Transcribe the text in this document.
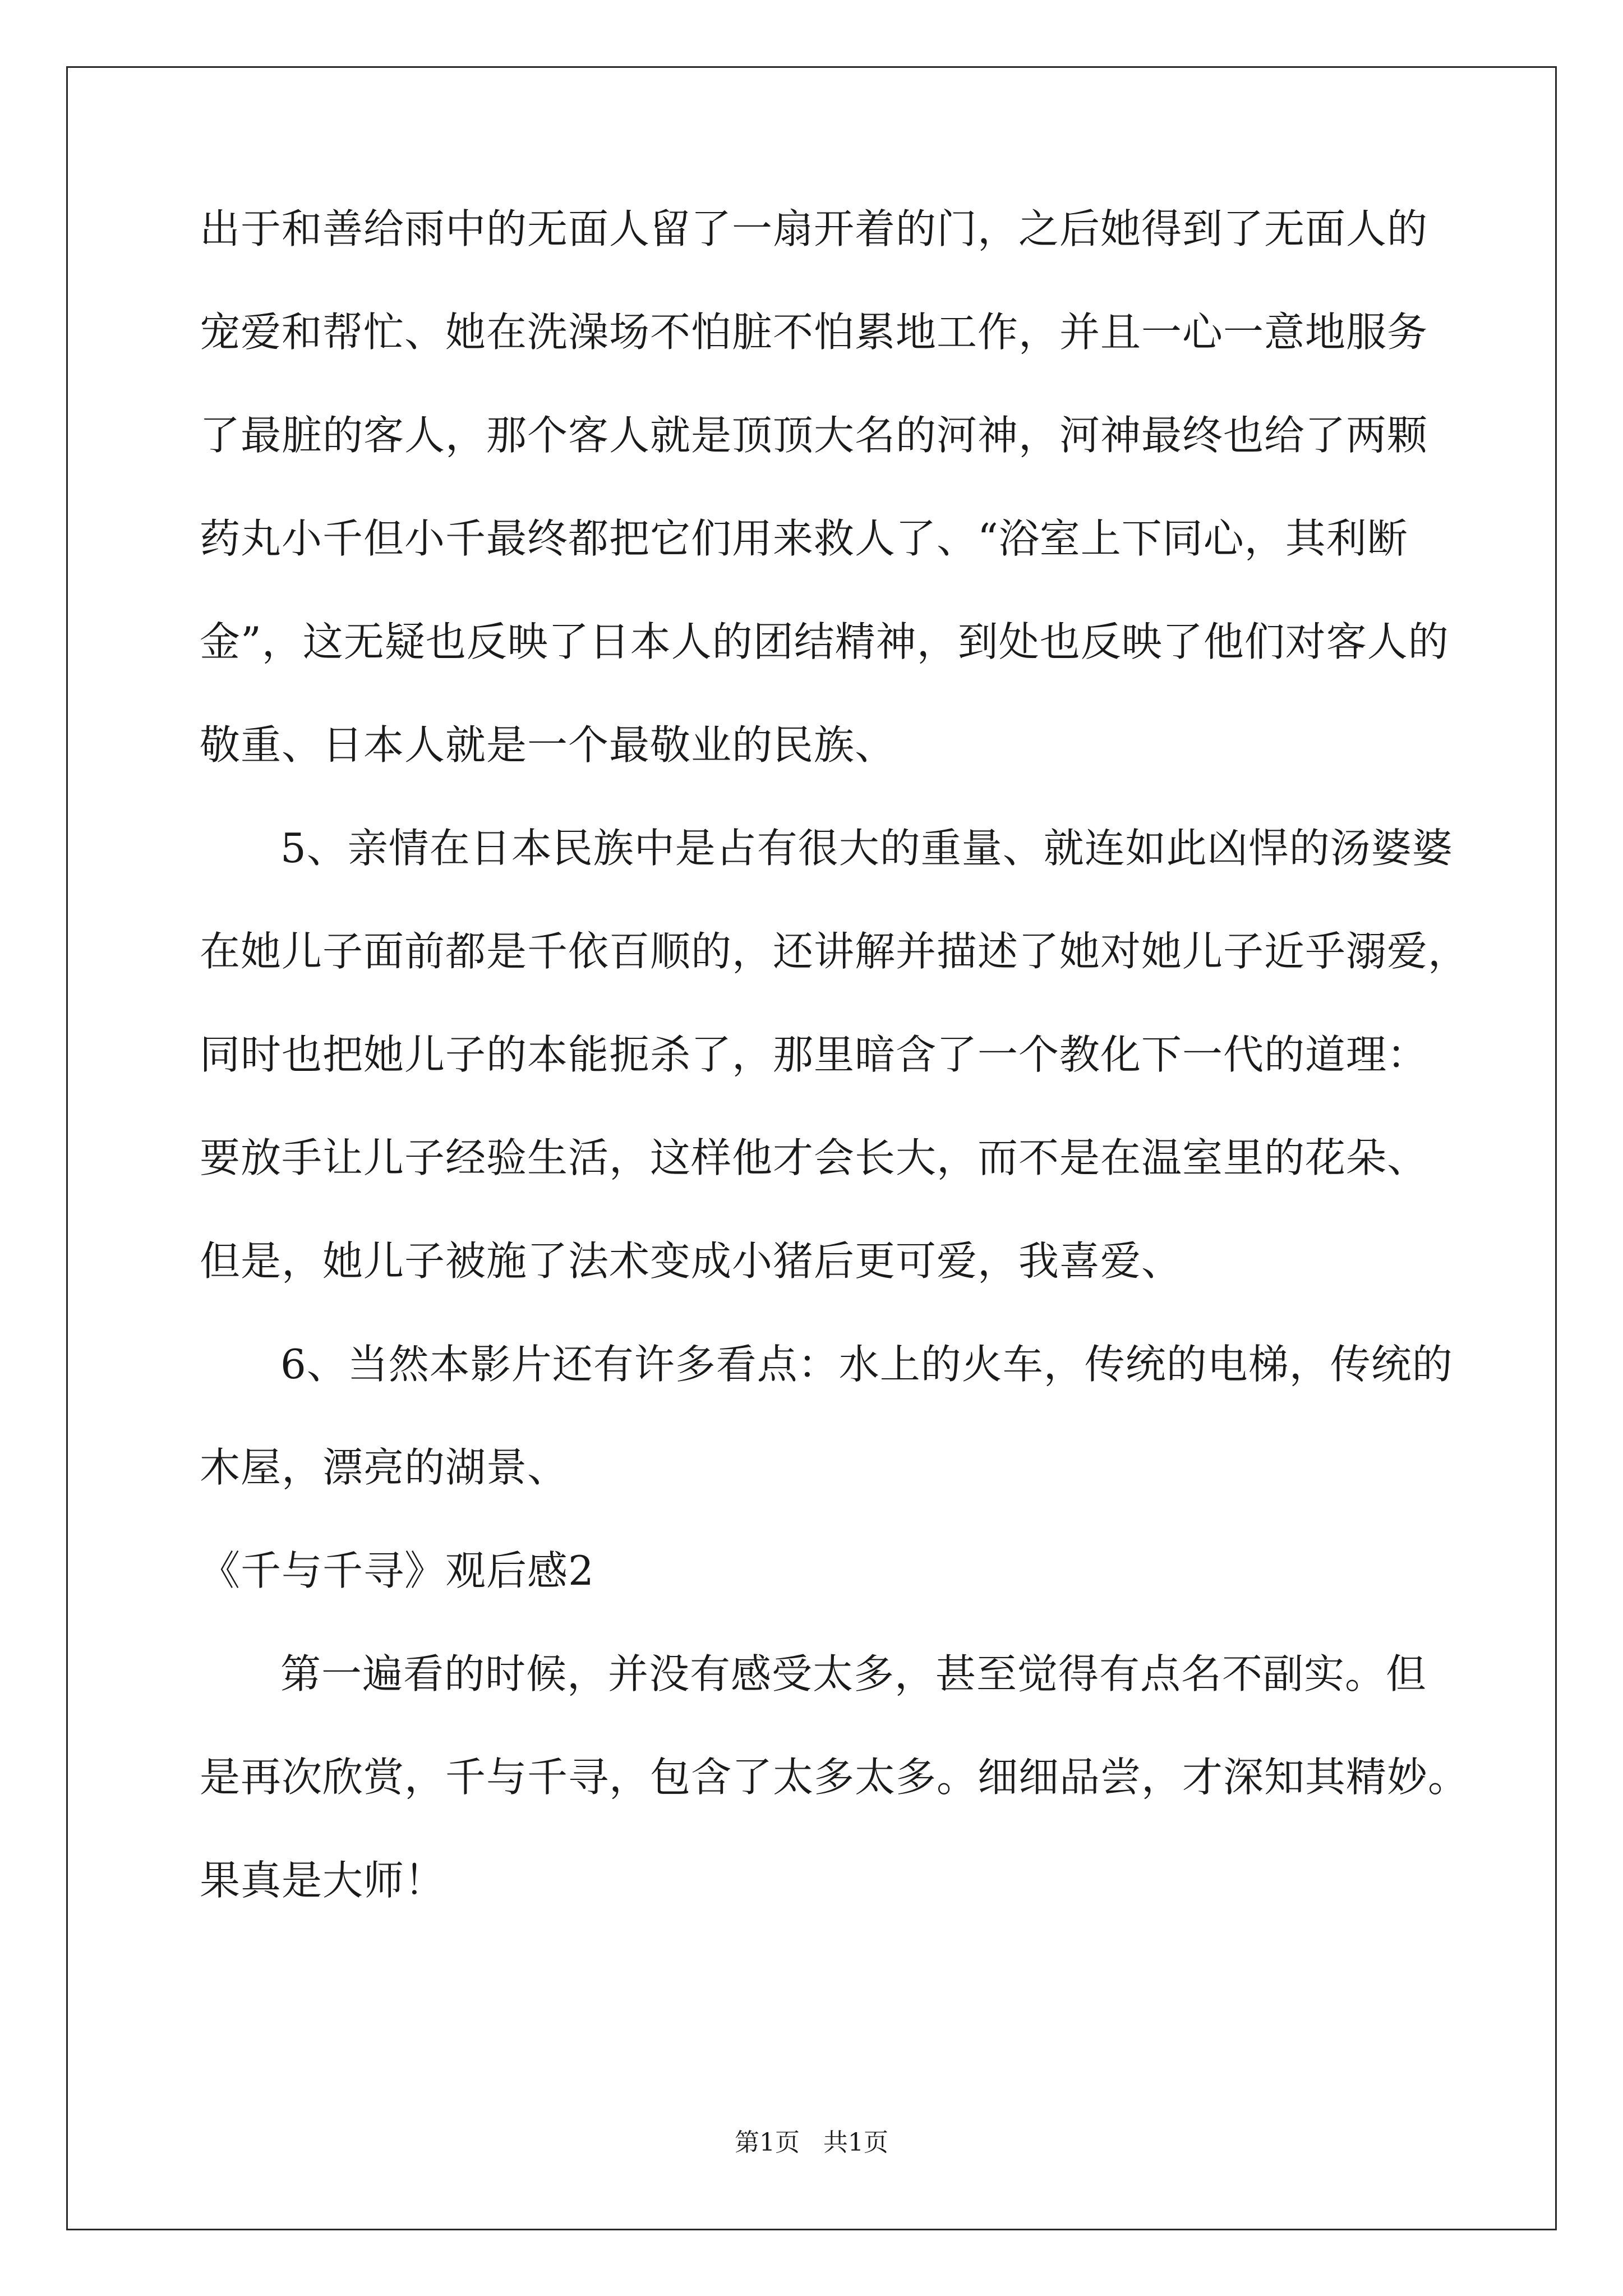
出于和善给雨中的无面人留了一扇开着的门，之后她得到了无面人的
宠爱和帮忙、她在洗澡场不怕脏不怕累地工作，并且一心一意地服务
了最脏的客人，那个客人就是顶顶大名的河神，河神最终也给了两颗
药丸小千但小千最终都把它们用来救人了、“浴室上下同心，其利断
金”，这无疑也反映了日本人的团结精神，到处也反映了他们对客人的
敬重、日本人就是一个最敬业的民族、
5、亲情在日本民族中是占有很大的重量、就连如此凶悍的汤婆婆
在她儿子面前都是千依百顺的，还讲解并描述了她对她儿子近乎溺爱，
同时也把她儿子的本能扼杀了，那里暗含了一个教化下一代的道理：
要放手让儿子经验生活，这样他才会长大，而不是在温室里的花朵、
但是，她儿子被施了法术变成小猪后更可爱，我喜爱、
6、当然本影片还有许多看点：水上的火车，传统的电梯，传统的
木屋，漂亮的湖景、
《千与千寻》观后感2
第一遍看的时候，并没有感受太多，甚至觉得有点名不副实。但
是再次欣赏，千与千寻，包含了太多太多。细细品尝，才深知其精妙。
果真是大师！
第1页   共1页
